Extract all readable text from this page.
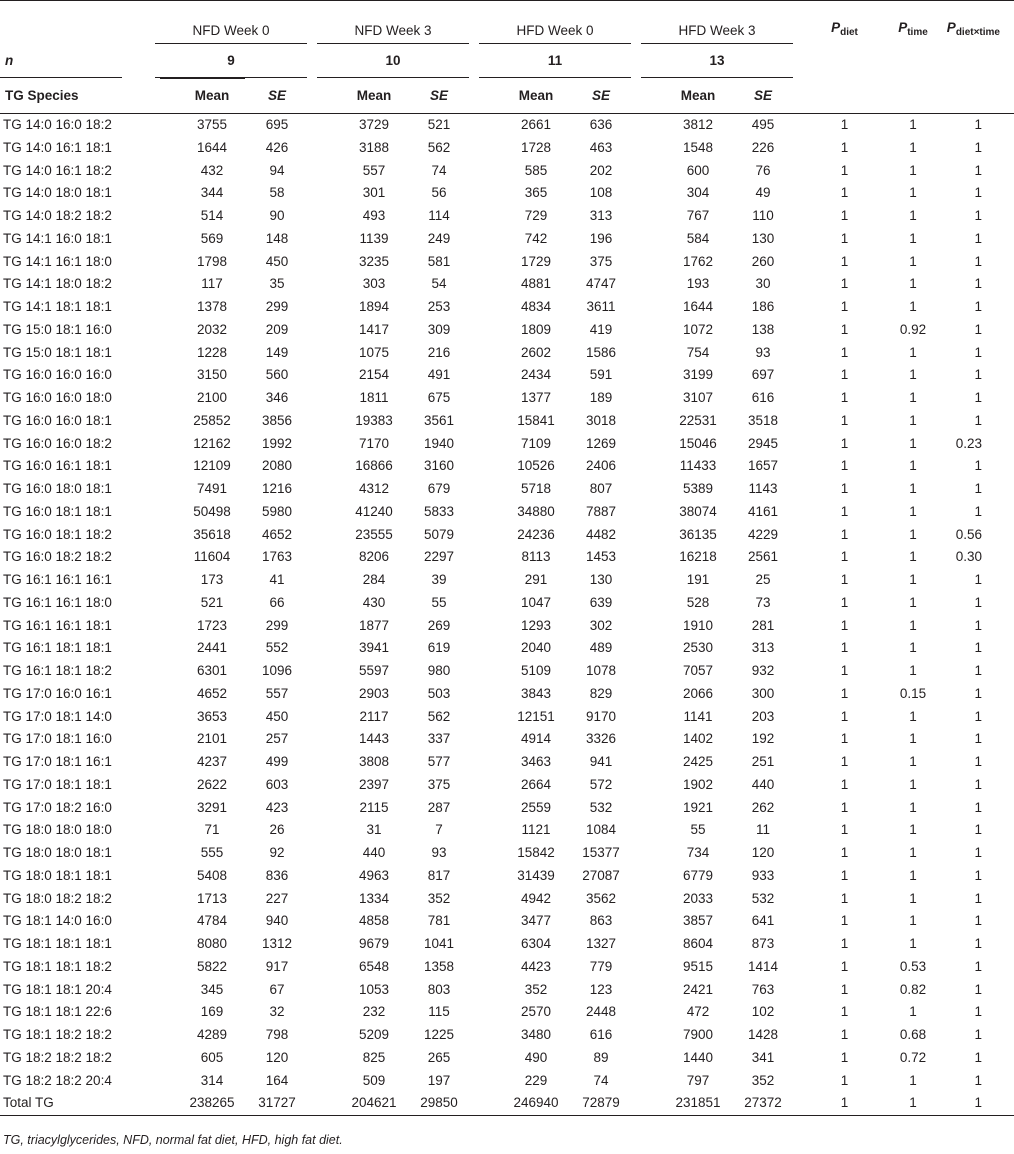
	NFD Week 0		NFD Week 3		HFD Week 0		HFD Week 3		Pdiet	Ptime	Pdiet×time
n	9		10		11		13				

TG Species	Mean	SE	Mean	SE	Mean	SE	Mean	SE			
TG 14:0 16:0 18:2	3755	695	3729	521	2661	636	3812	495	1	1	1
TG 14:0 16:1 18:1	1644	426	3188	562	1728	463	1548	226	1	1	1
TG 14:0 16:1 18:2	432	94	557	74	585	202	600	76	1	1	1
TG 14:0 18:0 18:1	344	58	301	56	365	108	304	49	1	1	1
TG 14:0 18:2 18:2	514	90	493	114	729	313	767	110	1	1	1
TG 14:1 16:0 18:1	569	148	1139	249	742	196	584	130	1	1	1
TG 14:1 16:1 18:0	1798	450	3235	581	1729	375	1762	260	1	1	1
TG 14:1 18:0 18:2	117	35	303	54	4881	4747	193	30	1	1	1
TG 14:1 18:1 18:1	1378	299	1894	253	4834	3611	1644	186	1	1	1
TG 15:0 18:1 16:0	2032	209	1417	309	1809	419	1072	138	1	0.92	1
TG 15:0 18:1 18:1	1228	149	1075	216	2602	1586	754	93	1	1	1
TG 16:0 16:0 16:0	3150	560	2154	491	2434	591	3199	697	1	1	1
TG 16:0 16:0 18:0	2100	346	1811	675	1377	189	3107	616	1	1	1
TG 16:0 16:0 18:1	25852	3856	19383	3561	15841	3018	22531	3518	1	1	1
TG 16:0 16:0 18:2	12162	1992	7170	1940	7109	1269	15046	2945	1	1	0.23
TG 16:0 16:1 18:1	12109	2080	16866	3160	10526	2406	11433	1657	1	1	1
TG 16:0 18:0 18:1	7491	1216	4312	679	5718	807	5389	1143	1	1	1
TG 16:0 18:1 18:1	50498	5980	41240	5833	34880	7887	38074	4161	1	1	1
TG 16:0 18:1 18:2	35618	4652	23555	5079	24236	4482	36135	4229	1	1	0.56
TG 16:0 18:2 18:2	11604	1763	8206	2297	8113	1453	16218	2561	1	1	0.30
TG 16:1 16:1 16:1	173	41	284	39	291	130	191	25	1	1	1
TG 16:1 16:1 18:0	521	66	430	55	1047	639	528	73	1	1	1
TG 16:1 16:1 18:1	1723	299	1877	269	1293	302	1910	281	1	1	1
TG 16:1 18:1 18:1	2441	552	3941	619	2040	489	2530	313	1	1	1
TG 16:1 18:1 18:2	6301	1096	5597	980	5109	1078	7057	932	1	1	1
TG 17:0 16:0 16:1	4652	557	2903	503	3843	829	2066	300	1	0.15	1
TG 17:0 18:1 14:0	3653	450	2117	562	12151	9170	1141	203	1	1	1
TG 17:0 18:1 16:0	2101	257	1443	337	4914	3326	1402	192	1	1	1
TG 17:0 18:1 16:1	4237	499	3808	577	3463	941	2425	251	1	1	1
TG 17:0 18:1 18:1	2622	603	2397	375	2664	572	1902	440	1	1	1
TG 17:0 18:2 16:0	3291	423	2115	287	2559	532	1921	262	1	1	1
TG 18:0 18:0 18:0	71	26	31	7	1121	1084	55	11	1	1	1
TG 18:0 18:0 18:1	555	92	440	93	15842	15377	734	120	1	1	1
TG 18:0 18:1 18:1	5408	836	4963	817	31439	27087	6779	933	1	1	1
TG 18:0 18:2 18:2	1713	227	1334	352	4942	3562	2033	532	1	1	1
TG 18:1 14:0 16:0	4784	940	4858	781	3477	863	3857	641	1	1	1
TG 18:1 18:1 18:1	8080	1312	9679	1041	6304	1327	8604	873	1	1	1
TG 18:1 18:1 18:2	5822	917	6548	1358	4423	779	9515	1414	1	0.53	1
TG 18:1 18:1 20:4	345	67	1053	803	352	123	2421	763	1	0.82	1
TG 18:1 18:1 22:6	169	32	232	115	2570	2448	472	102	1	1	1
TG 18:1 18:2 18:2	4289	798	5209	1225	3480	616	7900	1428	1	0.68	1
TG 18:2 18:2 18:2	605	120	825	265	490	89	1440	341	1	0.72	1
TG 18:2 18:2 20:4	314	164	509	197	229	74	797	352	1	1	1
Total TG	238265	31727	204621	29850	246940	72879	231851	27372	1	1	1
TG, triacylglycerides, NFD, normal fat diet, HFD, high fat diet.
